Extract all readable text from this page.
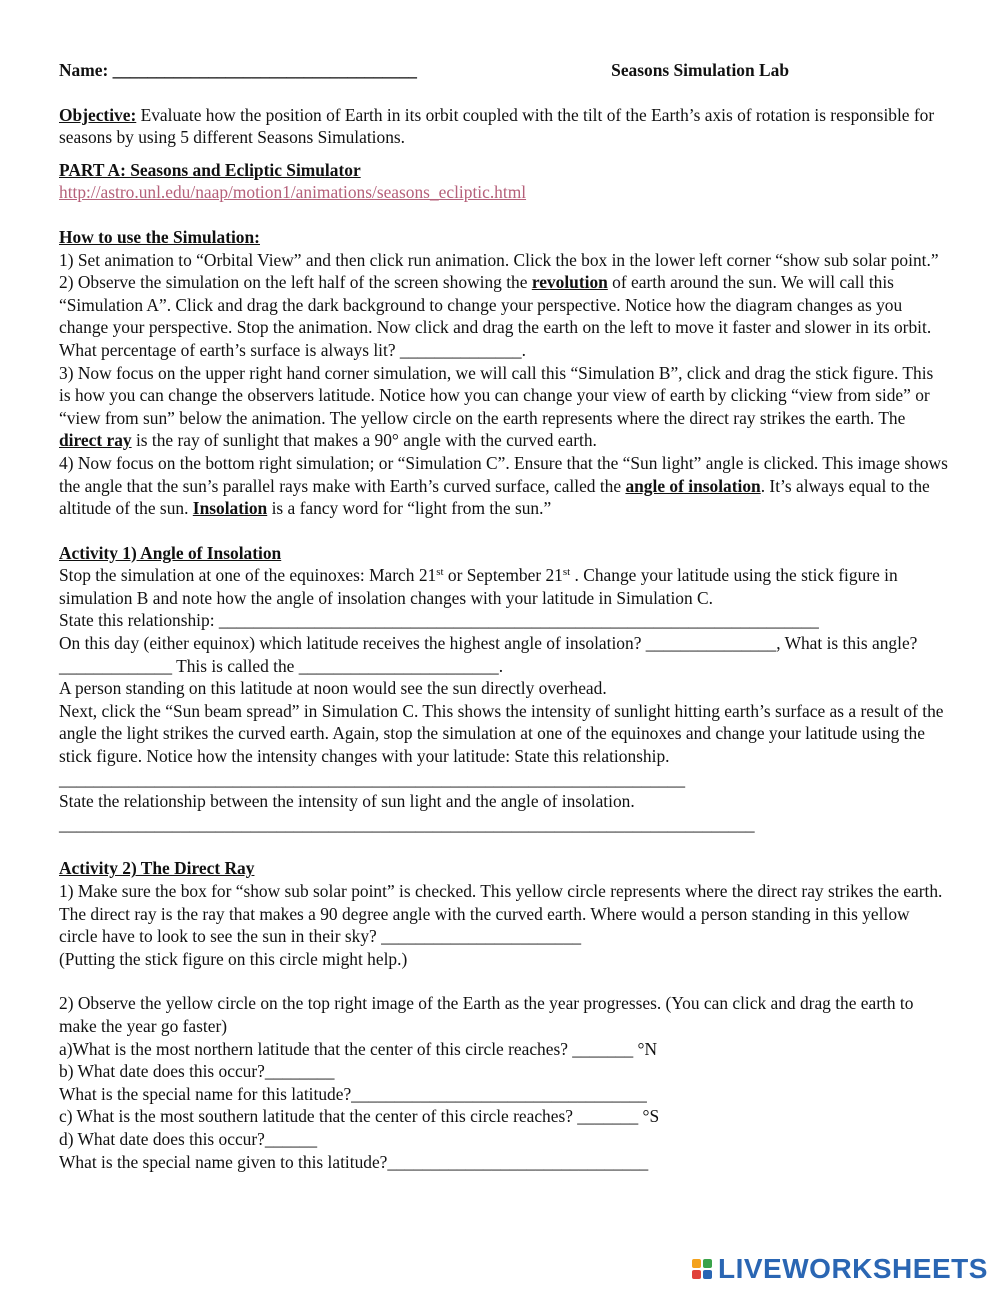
Name: ___________________________________	Seasons Simulation Lab

Objective: Evaluate how the position of Earth in its orbit coupled with the tilt of the Earth’s axis of rotation is responsible for seasons by using 5 different Seasons Simulations.

PART A: Seasons and Ecliptic Simulator

http://astro.unl.edu/naap/motion1/animations/seasons_ecliptic.html

How to use the Simulation:

1) Set animation to “Orbital View” and then click run animation. Click the box in the lower left corner “show sub solar point.”

2) Observe the simulation on the left half of the screen showing the revolution of earth around the sun. We will call this “Simulation A”. Click and drag the dark background to change your perspective. Notice how the diagram changes as you change your perspective. Stop the animation. Now click and drag the earth on the left to move it faster and slower in its orbit. What percentage of earth’s surface is always lit? ______________.

3) Now focus on the upper right hand corner simulation, we will call this “Simulation B”, click and drag the stick figure. This is how you can change the observers latitude. Notice how you can change your view of earth by clicking “view from side” or “view from sun” below the animation. The yellow circle on the earth represents where the direct ray strikes the earth. The direct ray is the ray of sunlight that makes a 90° angle with the curved earth.

4) Now focus on the bottom right simulation; or “Simulation C”. Ensure that the “Sun light” angle is clicked. This image shows the angle that the sun’s parallel rays make with Earth’s curved surface, called the angle of insolation. It’s always equal to the altitude of the sun. Insolation is a fancy word for “light from the sun.”

Activity 1) Angle of Insolation

Stop the simulation at one of the equinoxes: March 21st or September 21st . Change your latitude using the stick figure in simulation B and note how the angle of insolation changes with your latitude in Simulation C.

State this relationship: _____________________________________________________________________

On this day (either equinox) which latitude receives the highest angle of insolation? _______________, What is this angle? _____________ This is called the _______________________.

A person standing on this latitude at noon would see the sun directly overhead.

Next, click the “Sun beam spread” in Simulation C. This shows the intensity of sunlight hitting earth’s surface as a result of the angle the light strikes the curved earth. Again, stop the simulation at one of the equinoxes and change your latitude using the stick figure. Notice how the intensity changes with your latitude: State this relationship. ________________________________________________________________________

State the relationship between the intensity of sun light and the angle of insolation.

________________________________________________________________________________

Activity 2) The Direct Ray

1) Make sure the box for “show sub solar point” is checked. This yellow circle represents where the direct ray strikes the earth. The direct ray is the ray that makes a 90 degree angle with the curved earth. Where would a person standing in this yellow circle have to look to see the sun in their sky? _______________________

(Putting the stick figure on this circle might help.)

2) Observe the yellow circle on the top right image of the Earth as the year progresses. (You can click and drag the earth to make the year go faster)

a)What is the most northern latitude that the center of this circle reaches? _______ °N

b) What date does this occur?________

What is the special name for this latitude?__________________________________

c) What is the most southern latitude that the center of this circle reaches? _______ °S

d) What date does this occur?______

What is the special name given to this latitude?______________________________

LIVEWORKSHEETS
